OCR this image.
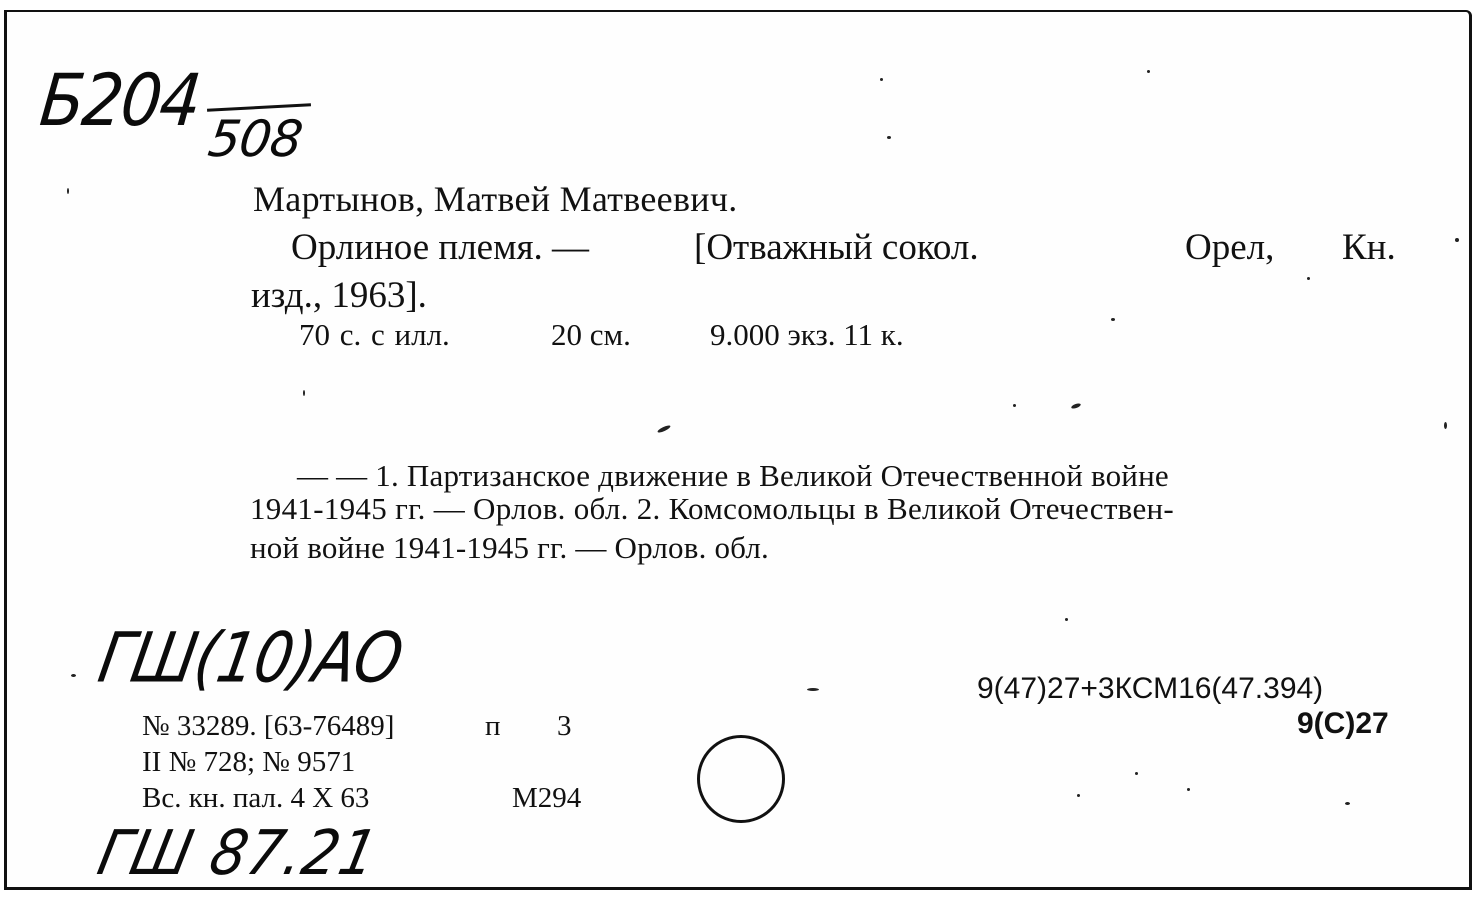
Б204 508
Мартынов, Матвей Матвеевич.
Орлиное племя. —	[Отважный сокол.	Орел, Кн.
изд., 1963].
70 с. с илл.	20 см.	9.000 экз. 11 к.
— — 1. Партизанское движение в Великой Отечественной войне
1941-1945 гг. — Орлов. обл. 2. Комсомольцы в Великой Отечествен-
ной войне 1941-1945 гг. — Орлов. обл.
9(47)27+3КСМ16(47.394)
9(С)27
№ 33289. [63-76489]	п 3
II № 728; № 9571
Вс. кн. пал. 4 X 63	М294
ГШ(10)АО
ГШ 87.21
